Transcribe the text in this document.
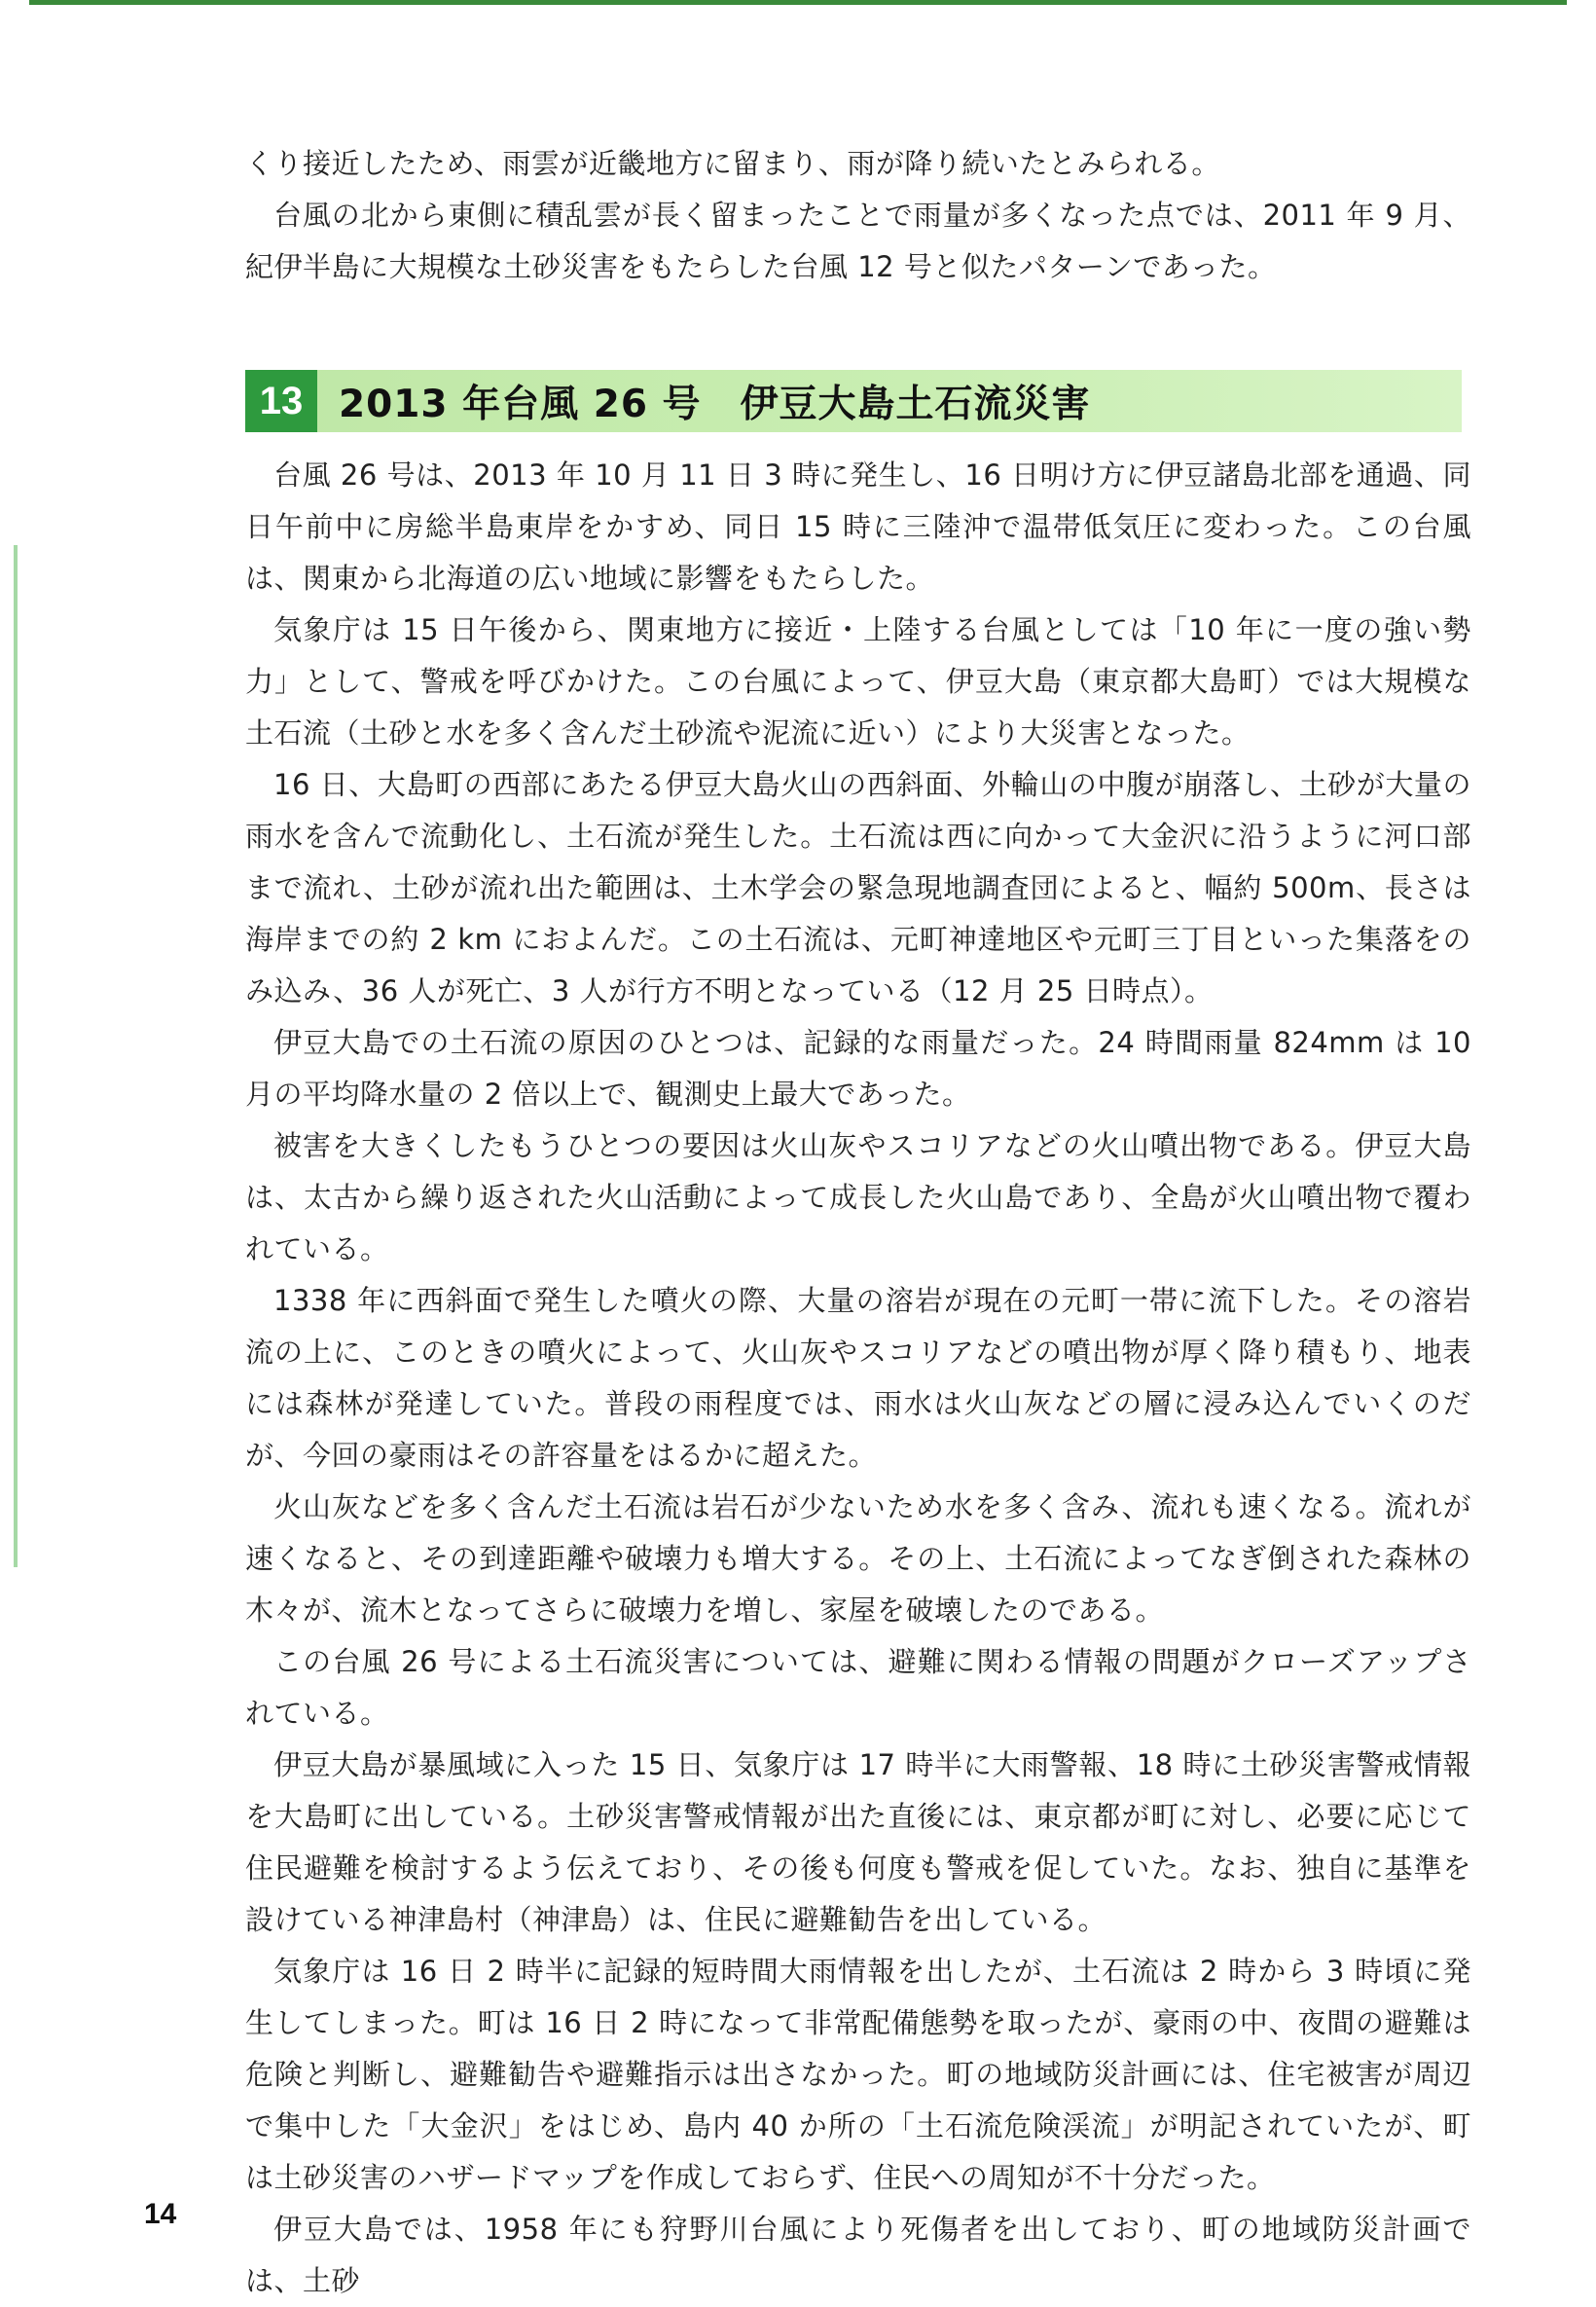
くり接近したため、雨雲が近畿地方に留まり、雨が降り続いたとみられる。

台風の北から東側に積乱雲が長く留まったことで雨量が多くなった点では、2011 年 9 月、紀伊半島に大規模な土砂災害をもたらした台風 12 号と似たパターンであった。

13 2013 年台風 26 号　伊豆大島土石流災害

台風 26 号は、2013 年 10 月 11 日 3 時に発生し、16 日明け方に伊豆諸島北部を通過、同日午前中に房総半島東岸をかすめ、同日 15 時に三陸沖で温帯低気圧に変わった。この台風は、関東から北海道の広い地域に影響をもたらした。

気象庁は 15 日午後から、関東地方に接近・上陸する台風としては「10 年に一度の強い勢力」として、警戒を呼びかけた。この台風によって、伊豆大島（東京都大島町）では大規模な土石流（土砂と水を多く含んだ土砂流や泥流に近い）により大災害となった。

16 日、大島町の西部にあたる伊豆大島火山の西斜面、外輪山の中腹が崩落し、土砂が大量の雨水を含んで流動化し、土石流が発生した。土石流は西に向かって大金沢に沿うように河口部まで流れ、土砂が流れ出た範囲は、土木学会の緊急現地調査団によると、幅約 500m、長さは海岸までの約 2 km におよんだ。この土石流は、元町神達地区や元町三丁目といった集落をのみ込み、36 人が死亡、3 人が行方不明となっている（12 月 25 日時点）。

伊豆大島での土石流の原因のひとつは、記録的な雨量だった。24 時間雨量 824mm は 10 月の平均降水量の 2 倍以上で、観測史上最大であった。

被害を大きくしたもうひとつの要因は火山灰やスコリアなどの火山噴出物である。伊豆大島は、太古から繰り返された火山活動によって成長した火山島であり、全島が火山噴出物で覆われている。

1338 年に西斜面で発生した噴火の際、大量の溶岩が現在の元町一帯に流下した。その溶岩流の上に、このときの噴火によって、火山灰やスコリアなどの噴出物が厚く降り積もり、地表には森林が発達していた。普段の雨程度では、雨水は火山灰などの層に浸み込んでいくのだが、今回の豪雨はその許容量をはるかに超えた。

火山灰などを多く含んだ土石流は岩石が少ないため水を多く含み、流れも速くなる。流れが速くなると、その到達距離や破壊力も増大する。その上、土石流によってなぎ倒された森林の木々が、流木となってさらに破壊力を増し、家屋を破壊したのである。

この台風 26 号による土石流災害については、避難に関わる情報の問題がクローズアップされている。

伊豆大島が暴風域に入った 15 日、気象庁は 17 時半に大雨警報、18 時に土砂災害警戒情報を大島町に出している。土砂災害警戒情報が出た直後には、東京都が町に対し、必要に応じて住民避難を検討するよう伝えており、その後も何度も警戒を促していた。なお、独自に基準を設けている神津島村（神津島）は、住民に避難勧告を出している。

気象庁は 16 日 2 時半に記録的短時間大雨情報を出したが、土石流は 2 時から 3 時頃に発生してしまった。町は 16 日 2 時になって非常配備態勢を取ったが、豪雨の中、夜間の避難は危険と判断し、避難勧告や避難指示は出さなかった。町の地域防災計画には、住宅被害が周辺で集中した「大金沢」をはじめ、島内 40 か所の「土石流危険渓流」が明記されていたが、町は土砂災害のハザードマップを作成しておらず、住民への周知が不十分だった。

伊豆大島では、1958 年にも狩野川台風により死傷者を出しており、町の地域防災計画では、土砂

14
